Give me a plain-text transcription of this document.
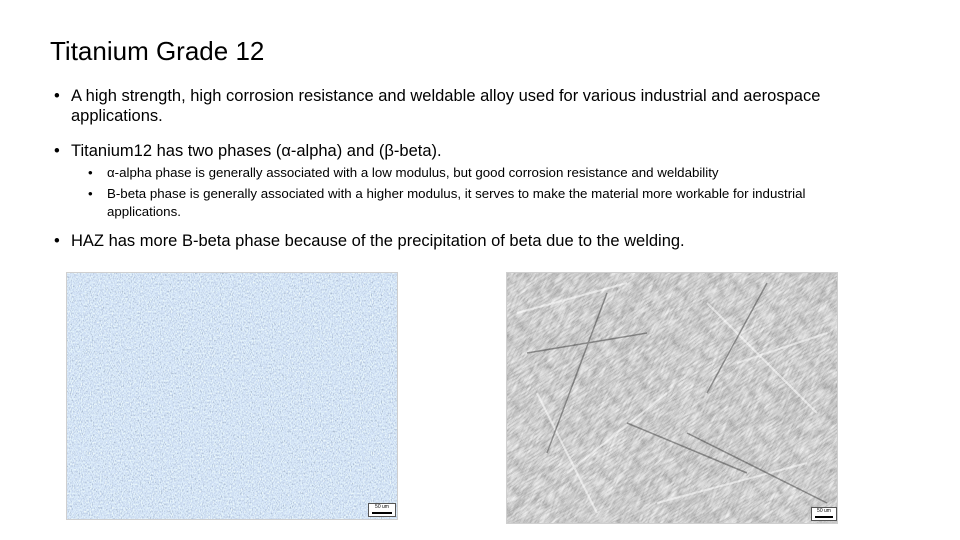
Titanium Grade 12
• A high strength, high corrosion resistance and weldable alloy used for various industrial and aerospace applications.
• Titanium12 has two phases (α-alpha) and (β-beta).
• α-alpha phase is generally associated with a low modulus, but good corrosion resistance and weldability
• B-beta phase is generally associated with a higher modulus, it serves to make the material more workable for industrial applications.
• HAZ has more B-beta phase because of the precipitation of beta due to the welding.
50 um
50 um
